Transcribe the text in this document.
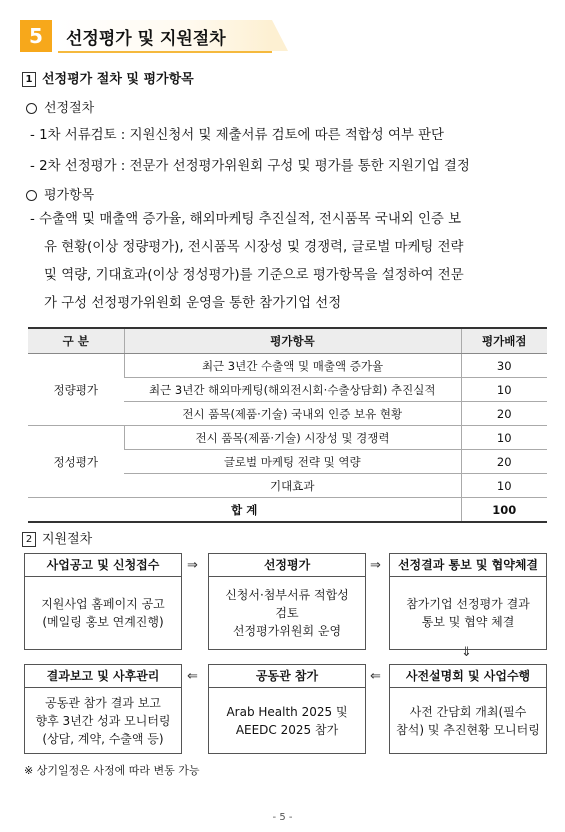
5	선정평가 및 지원절차
1 선정평가 절차 및 평가항목
선정절차
- 1차 서류검토 : 지원신청서 및 제출서류 검토에 따른 적합성 여부 판단
- 2차 선정평가 : 전문가 선정평가위원회 구성 및 평가를 통한 지원기업 결정
평가항목
- 수출액 및 매출액 증가율, 해외마케팅 추진실적, 전시품목 국내외 인증 보
유 현황(이상 정량평가), 전시품목 시장성 및 경쟁력, 글로벌 마케팅 전략
및 역량, 기대효과(이상 정성평가)를 기준으로 평가항목을 설정하여 전문
가 구성 선정평가위원회 운영을 통한 참가기업 선정
구 분	평가항목	평가배점
정량평가	최근 3년간 수출액 및 매출액 증가율	30
	최근 3년간 해외마케팅(해외전시회·수출상담회) 추진실적	10
	전시 품목(제품·기술) 국내외 인증 보유 현황	20
정성평가	전시 품목(제품·기술) 시장성 및 경쟁력	10
	글로벌 마케팅 전략 및 역량	20
	기대효과	10
합 계		100
2 지원절차
사업공고 및 신청접수
지원사업 홈페이지 공고
(메일링 홍보 연계진행)
⇒	선정평가
신청서·첨부서류 적합성
검토
선정평가위원회 운영
⇒	선정결과 통보 및 협약체결
참가기업 선정평가 결과
통보 및 협약 체결
⇓
결과보고 및 사후관리
공동관 참가 결과 보고
향후 3년간 성과 모니터링
(상담, 계약, 수출액 등)
⇐	공동관 참가
Arab Health 2025 및
AEEDC 2025 참가
⇐	사전설명회 및 사업수행
사전 간담회 개최(필수
참석) 및 추진현황 모니터링
※ 상기일정은 사정에 따라 변동 가능
- 5 -
